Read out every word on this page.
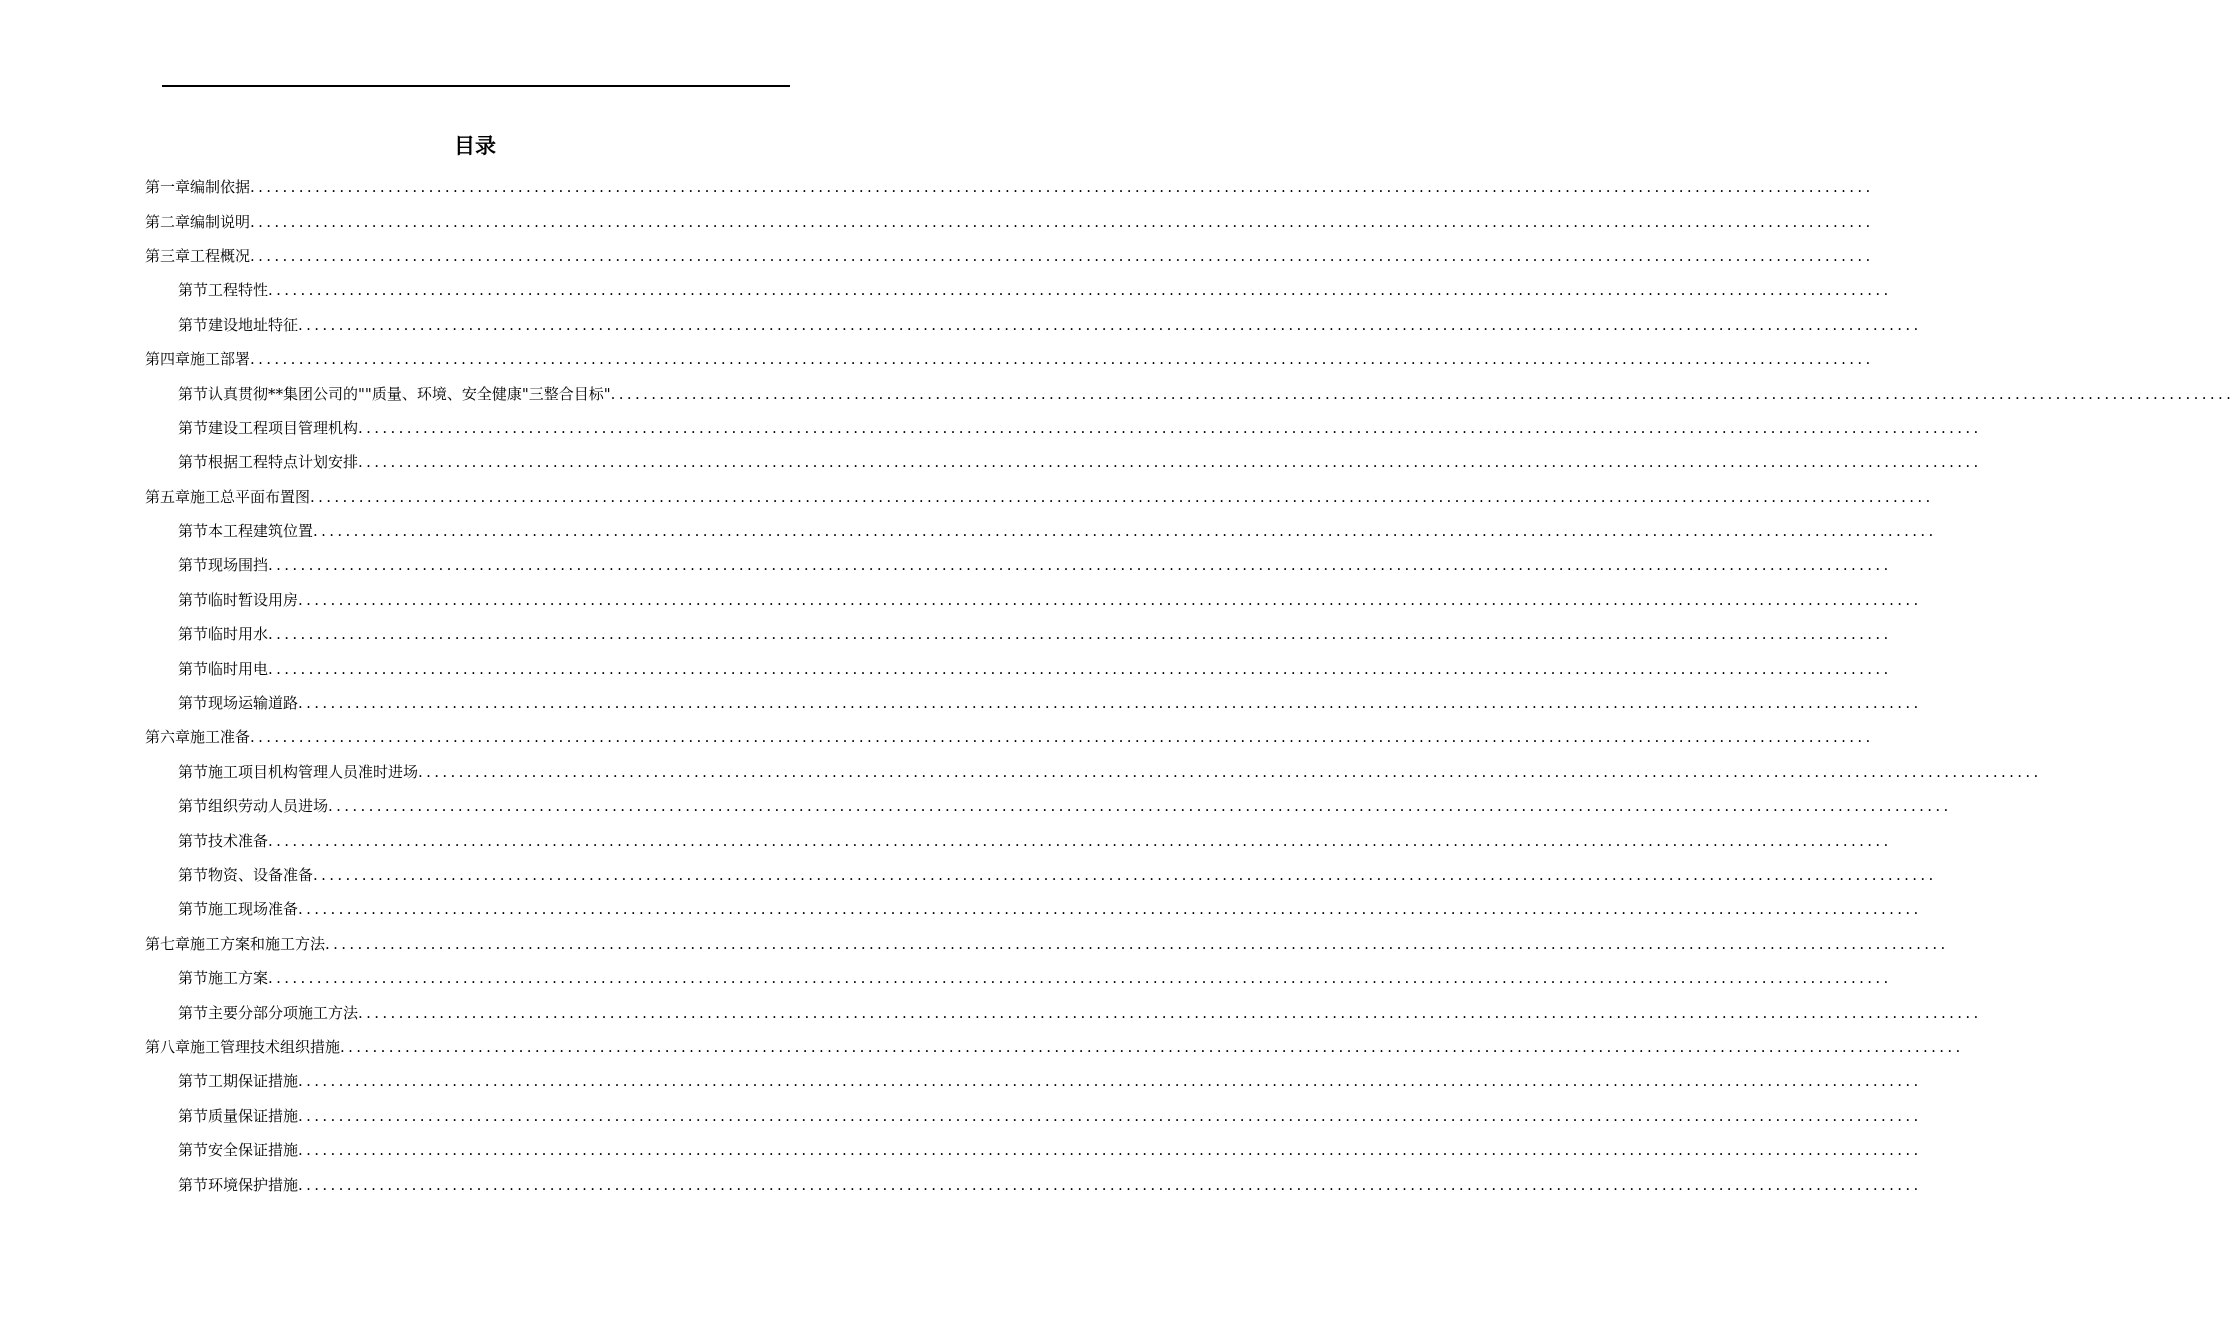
目录
第一章 编制依据 ........................................................................................................................................................................................................
第二章 编制说明 ........................................................................................................................................................................................................
第三章 工程概况 ........................................................................................................................................................................................................
第节 工程特性 ........................................................................................................................................................................................................
第节 建设地址特征 ........................................................................................................................................................................................................
第四章 施工部署 ........................................................................................................................................................................................................
第节 认真贯彻**集团公司的""质量、环境、安全健康"三整合目标" ........................................................................................................................................................................................................
第节 建设工程项目管理机构 ........................................................................................................................................................................................................
第节 根据工程特点计划安排 ........................................................................................................................................................................................................
第五章 施工总平面布置图 ........................................................................................................................................................................................................
第节 本工程建筑位置 ........................................................................................................................................................................................................
第节 现场围挡 ........................................................................................................................................................................................................
第节 临时暂设用房 ........................................................................................................................................................................................................
第节 临时用水 ........................................................................................................................................................................................................
第节 临时用电 ........................................................................................................................................................................................................
第节 现场运输道路 ........................................................................................................................................................................................................
第六章 施工准备 ........................................................................................................................................................................................................
第节 施工项目机构管理人员准时进场 ........................................................................................................................................................................................................
第节 组织劳动人员进场 ........................................................................................................................................................................................................
第节 技术准备 ........................................................................................................................................................................................................
第节 物资、设备准备 ........................................................................................................................................................................................................
第节 施工现场准备 ........................................................................................................................................................................................................
第七章 施工方案和施工方法 ........................................................................................................................................................................................................
第节 施工方案 ........................................................................................................................................................................................................
第节 主要分部分项施工方法 ........................................................................................................................................................................................................
第八章 施工管理技术组织措施 ........................................................................................................................................................................................................
第节 工期保证措施 ........................................................................................................................................................................................................
第节 质量保证措施 ........................................................................................................................................................................................................
第节 安全保证措施 ........................................................................................................................................................................................................
第节 环境保护措施 ........................................................................................................................................................................................................
